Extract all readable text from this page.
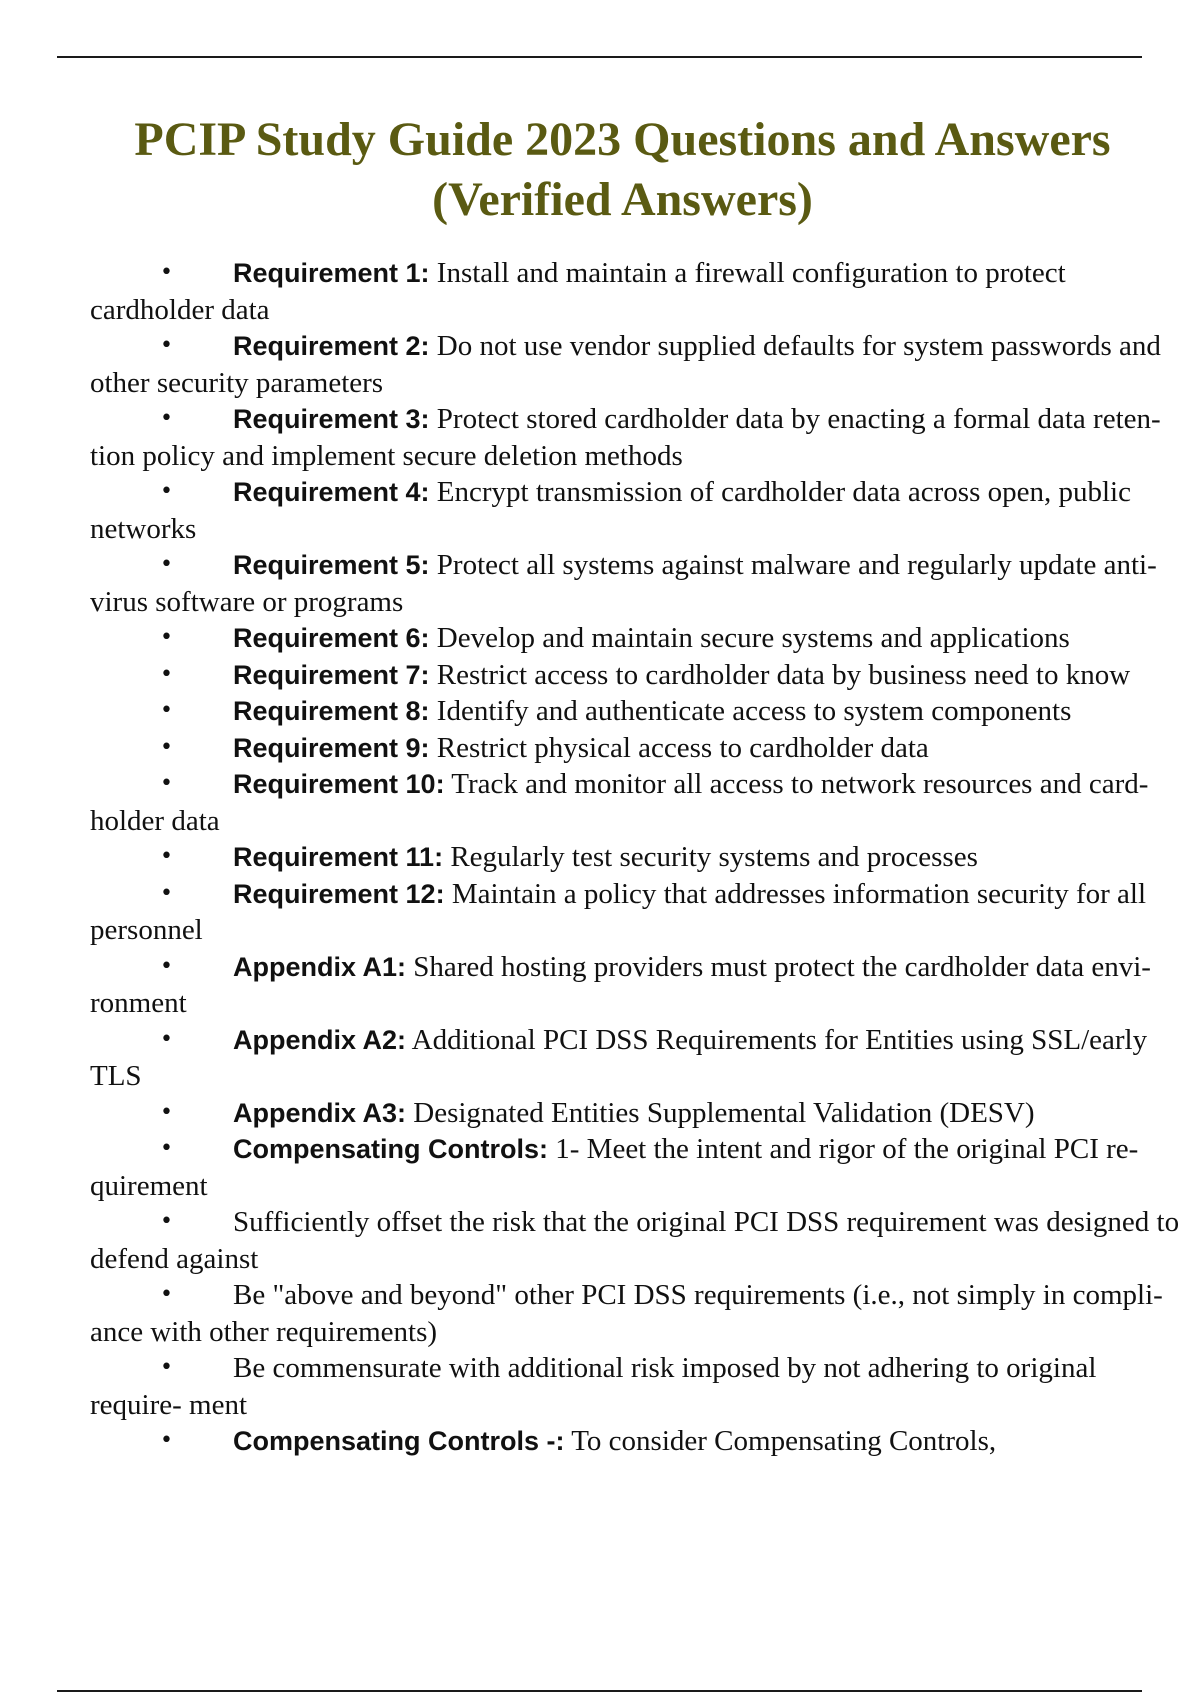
PCIP Study Guide 2023 Questions and Answers
(Verified Answers)
• Requirement 1: Install and maintain a firewall configuration to protect cardholder data
• Requirement 2: Do not use vendor supplied defaults for system passwords and other security parameters
• Requirement 3: Protect stored cardholder data by enacting a formal data reten- tion policy and implement secure deletion methods
• Requirement 4: Encrypt transmission of cardholder data across open, public networks
• Requirement 5: Protect all systems against malware and regularly update anti-virus software or programs
• Requirement 6: Develop and maintain secure systems and applications
• Requirement 7: Restrict access to cardholder data by business need to know
• Requirement 8: Identify and authenticate access to system components
• Requirement 9: Restrict physical access to cardholder data
• Requirement 10: Track and monitor all access to network resources and card- holder data
• Requirement 11: Regularly test security systems and processes
• Requirement 12: Maintain a policy that addresses information security for all personnel
• Appendix A1: Shared hosting providers must protect the cardholder data envi- ronment
• Appendix A2: Additional PCI DSS Requirements for Entities using SSL/early TLS
• Appendix A3: Designated Entities Supplemental Validation (DESV)
• Compensating Controls: 1- Meet the intent and rigor of the original PCI re- quirement
• Sufficiently offset the risk that the original PCI DSS requirement was designed to defend against
• Be "above and beyond" other PCI DSS requirements (i.e., not simply in compli- ance with other requirements)
• Be commensurate with additional risk imposed by not adhering to original require- ment
• Compensating Controls -: To consider Compensating Controls,
